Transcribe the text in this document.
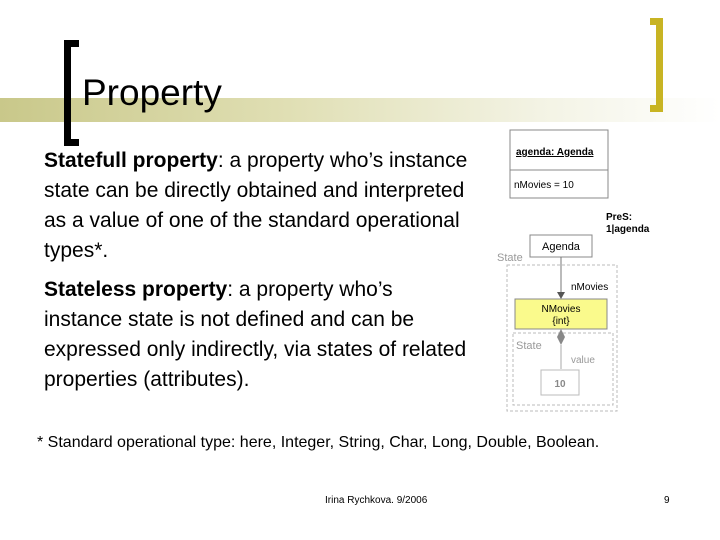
Property
Statefull property: a property who’s instance state can be directly obtained and interpreted as a value of one of the standard operational types*.
Stateless property: a property who’s instance state is not defined and can be expressed only indirectly, via states of related properties (attributes).
agenda: Agenda
nMovies = 10
PreS:
1|agenda
State
Agenda
nMovies
NMovies
{int}
State
value
10
* Standard operational type: here, Integer, String, Char, Long, Double, Boolean.
Irina Rychkova. 9/2006	9
